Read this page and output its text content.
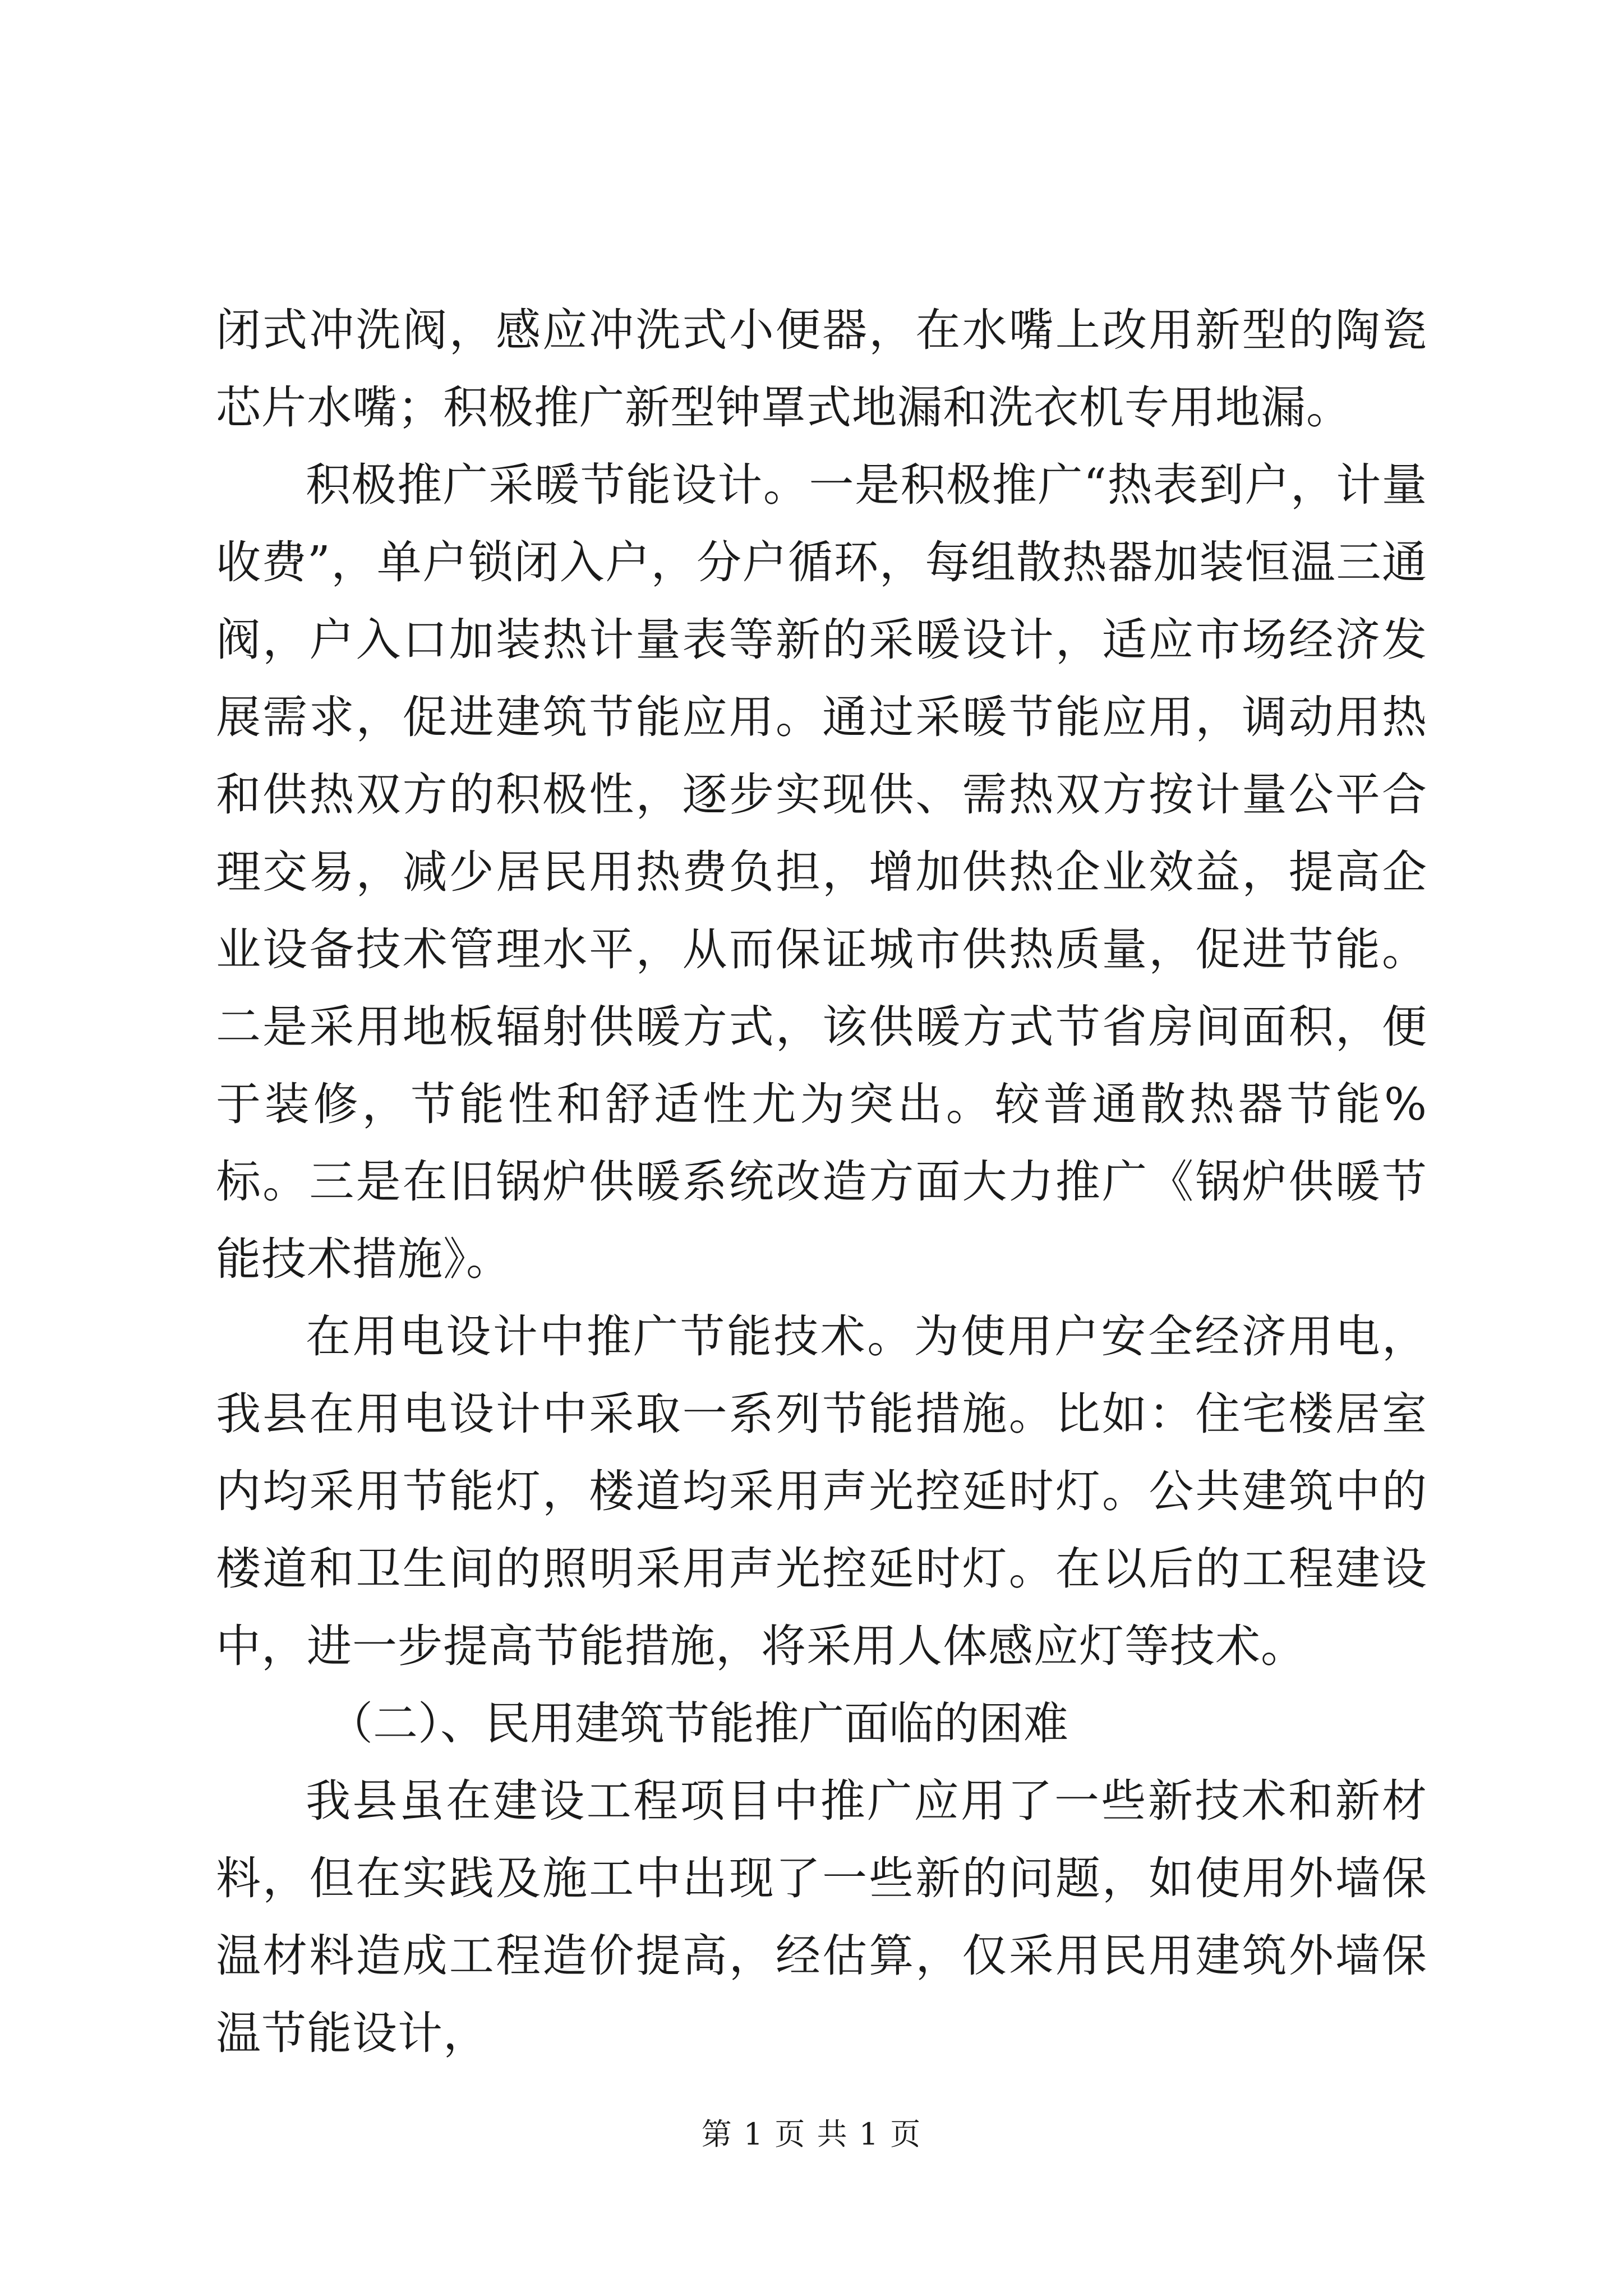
闭式冲洗阀，感应冲洗式小便器，在水嘴上改用新型的陶瓷芯片水嘴；积极推广新型钟罩式地漏和洗衣机专用地漏。

积极推广采暖节能设计。一是积极推广“热表到户，计量收费”，单户锁闭入户，分户循环，每组散热器加装恒温三通阀，户入口加装热计量表等新的采暖设计，适应市场经济发展需求，促进建筑节能应用。通过采暖节能应用，调动用热和供热双方的积极性，逐步实现供、需热双方按计量公平合理交易，减少居民用热费负担，增加供热企业效益，提高企业设备技术管理水平，从而保证城市供热质量，促进节能。二是采用地板辐射供暖方式，该供暖方式节省房间面积，便于装修，节能性和舒适性尤为突出。较普通散热器节能%标。三是在旧锅炉供暖系统改造方面大力推广《锅炉供暖节能技术措施》。

在用电设计中推广节能技术。为使用户安全经济用电，我县在用电设计中采取一系列节能措施。比如：住宅楼居室内均采用节能灯，楼道均采用声光控延时灯。公共建筑中的楼道和卫生间的照明采用声光控延时灯。在以后的工程建设中，进一步提高节能措施，将采用人体感应灯等技术。

（二）、民用建筑节能推广面临的困难

我县虽在建设工程项目中推广应用了一些新技术和新材料，但在实践及施工中出现了一些新的问题，如使用外墙保温材料造成工程造价提高，经估算，仅采用民用建筑外墙保温节能设计，

第 1 页 共 1 页
